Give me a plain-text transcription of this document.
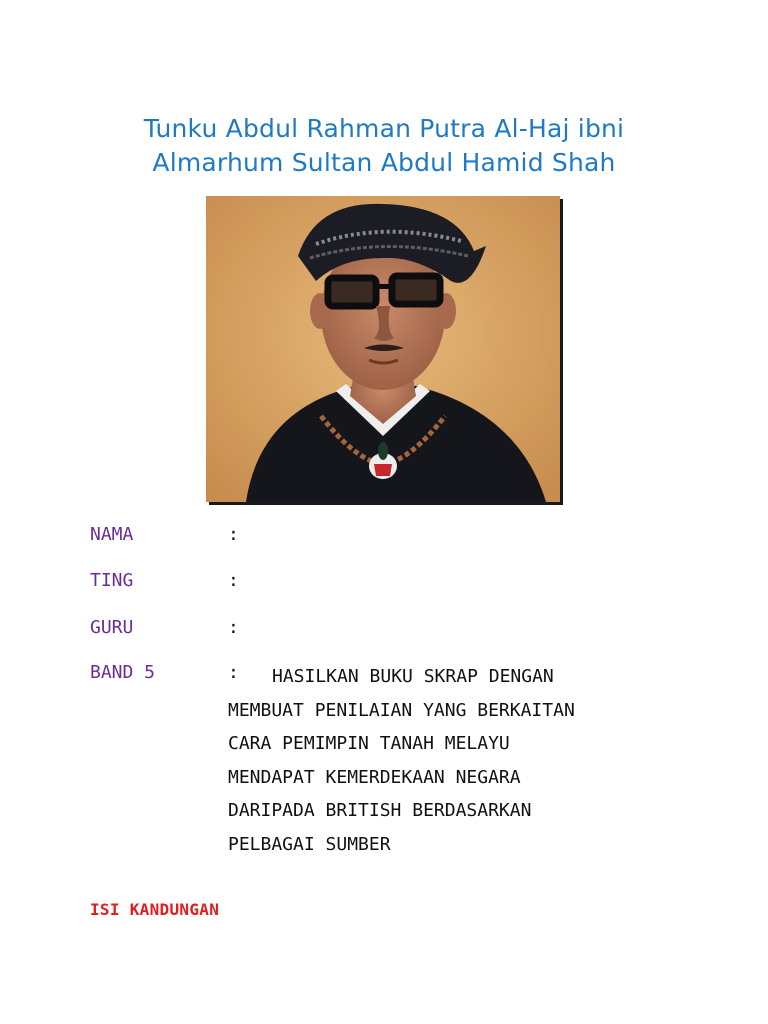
Tunku Abdul Rahman Putra Al-Haj ibni
Almarhum Sultan Abdul Hamid Shah
NAMA	:
TING	:
GURU	:
BAND 5	:	HASILKAN BUKU SKRAP DENGAN
MEMBUAT PENILAIAN YANG BERKAITAN
CARA PEMIMPIN TANAH MELAYU
MENDAPAT KEMERDEKAAN NEGARA
DARIPADA BRITISH BERDASARKAN
PELBAGAI SUMBER
ISI KANDUNGAN
